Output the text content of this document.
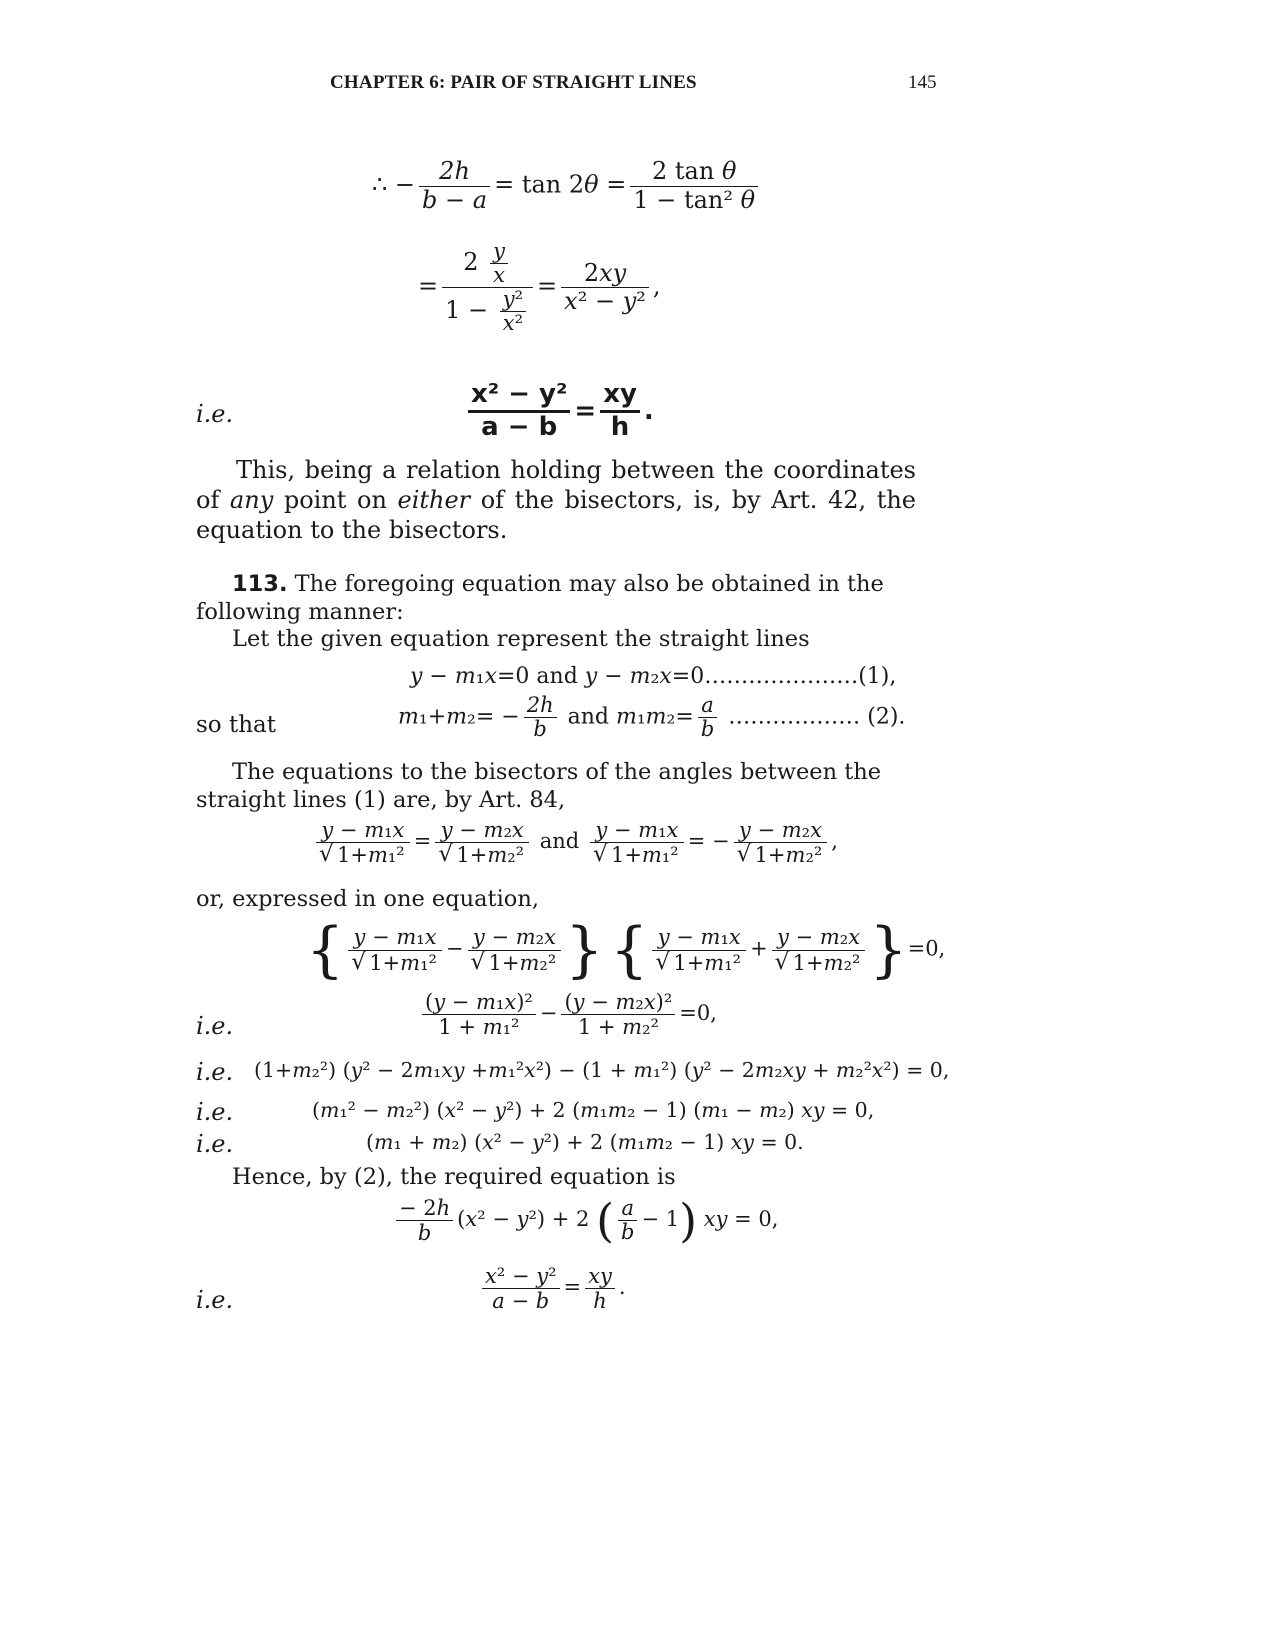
CHAPTER 6: PAIR OF STRAIGHT LINES	145
∴ − $\frac{2h}{b - a} = \tan 2\theta = \frac{\text{2 tan θ}}{\text{1 − tan² θ}}$
= $\frac{2 \frac{y}{x}}{1 - \frac{\text{y²}}{\text{x²}}} = \frac{2xy}{\text{x² − y²}}$ ,
i.e.	$\frac{\text{x² − y²}}{a - b} = \frac{xy}{h}$ .
This, being a relation holding between the coordinates of any point on either of the bisectors, is, by Art. 42, the equation to the bisectors.
113. The foregoing equation may also be obtained in the following manner:
Let the given equation represent the straight lines
y − m₁x=0 and y − m₂x=0…………………(1),
so that	$m_1+m_2= - \frac{2h}{b}$ and $m_1m_2= \frac{a}{b}$ ……………… (2).
The equations to the bisectors of the angles between the straight lines (1) are, by Art. 84,
y − m₁x
√ 1+m₁² = y − m₂x
√ 1+m₂² and y − m₁x
√ 1+m₁² = − y − m₂x
√ 1+m₂² ,
or, expressed in one equation,
{ y − m₁x
√ 1+m₁² − y − m₂x
√ 1+m₂² } { y − m₁x
√ 1+m₁² + y − m₂x
√ 1+m₂² }=0,
i.e.	$\frac{\text{(y − m₁x)²}}{\text{1 + m₁²}} - \frac{\text{(y − m₂x)²}}{\text{1 + m₂²}} =0$,
i.e. (1+m₂²) (y² − 2m₁xy +m₁²x²) − (1 + m₁²) (y² − 2m₂xy + m₂²x²) = 0,
i.e.	(m₁² − m₂²) (x² − y²) + 2 (m₁m₂ − 1) (m₁ − m₂) xy = 0,
i.e.	(m₁ + m₂) (x² − y²) + 2 (m₁m₂ − 1) xy = 0.
Hence, by (2), the required equation is
$\frac{- 2h}{b} (x^2 - y^2) + 2$ ( $\frac{a}{b} - 1$) xy = 0,
i.e.	$\frac{\text{x² − y²}}{a - b} = \frac{xy}{h}$ .
